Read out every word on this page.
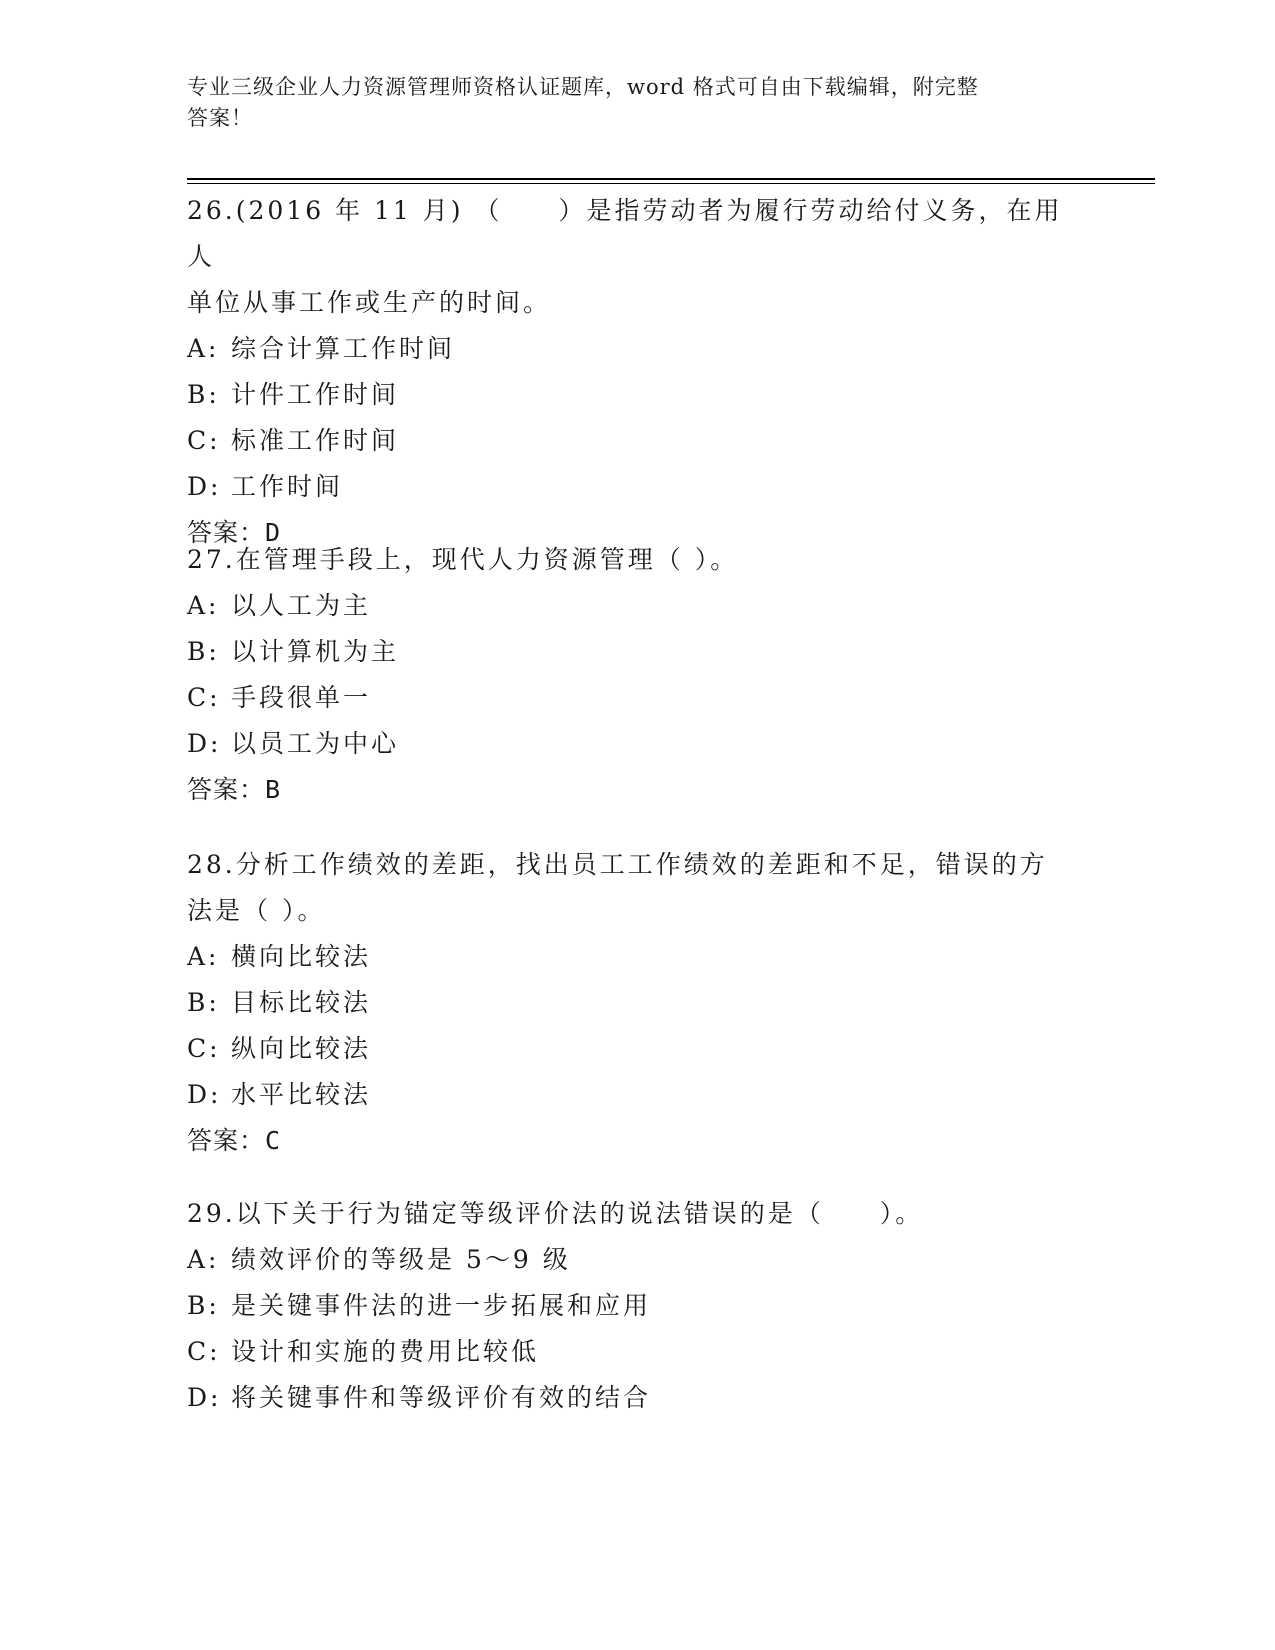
专业三级企业人力资源管理师资格认证题库，word 格式可自由下载编辑，附完整
答案！

26.(2016 年 11 月) （　　）是指劳动者为履行劳动给付义务，在用人

单位从事工作或生产的时间。

A: 综合计算工作时间

B: 计件工作时间

C: 标准工作时间

D: 工作时间

答案：D

27.在管理手段上，现代人力资源管理（ ）。

A: 以人工为主

B: 以计算机为主

C: 手段很单一

D: 以员工为中心

答案：B

28.分析工作绩效的差距，找出员工工作绩效的差距和不足，错误的方

法是（ ）。

A: 横向比较法

B: 目标比较法

C: 纵向比较法

D: 水平比较法

答案：C

29.以下关于行为锚定等级评价法的说法错误的是（　　）。

A: 绩效评价的等级是 5～9 级

B: 是关键事件法的进一步拓展和应用

C: 设计和实施的费用比较低

D: 将关键事件和等级评价有效的结合
